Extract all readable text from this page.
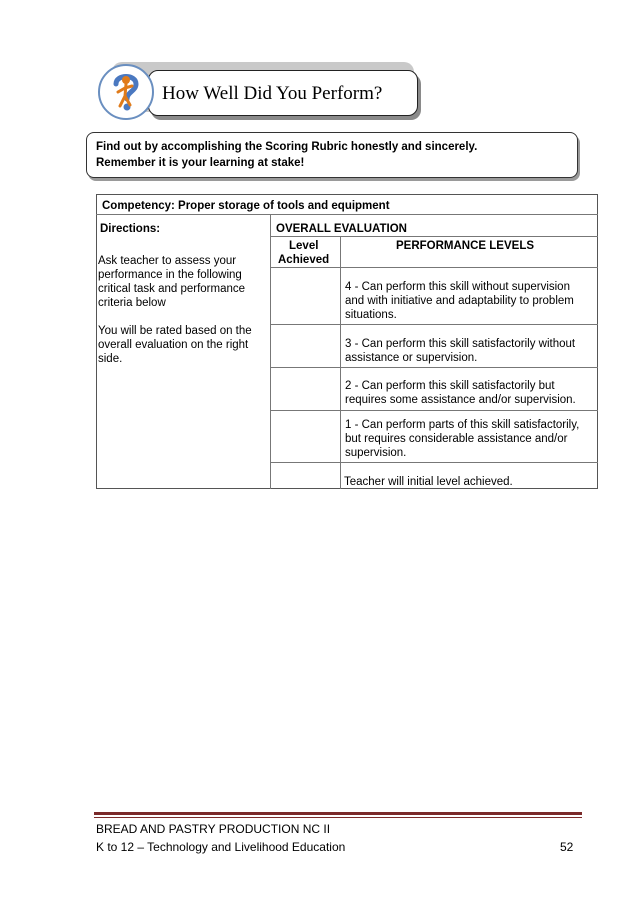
How Well Did You Perform?
Find out by accomplishing the Scoring Rubric honestly and sincerely.
Remember it is your learning at stake!
Competency: Proper storage of tools and equipment
Directions:
Ask teacher to assess your
performance in the following
critical task and performance
criteria below
You will be rated based on the
overall evaluation on the right
side.
OVERALL EVALUATION
Level
Achieved
PERFORMANCE LEVELS
4 - Can perform this skill without supervision
and with initiative and adaptability to problem
situations.
3 - Can perform this skill satisfactorily without
assistance or supervision.
2 - Can perform this skill satisfactorily but
requires some assistance and/or supervision.
1 - Can perform parts of this skill satisfactorily,
but requires considerable assistance and/or
supervision.
Teacher will initial level achieved.
BREAD AND PASTRY PRODUCTION NC II
K to 12 – Technology and Livelihood Education	52
